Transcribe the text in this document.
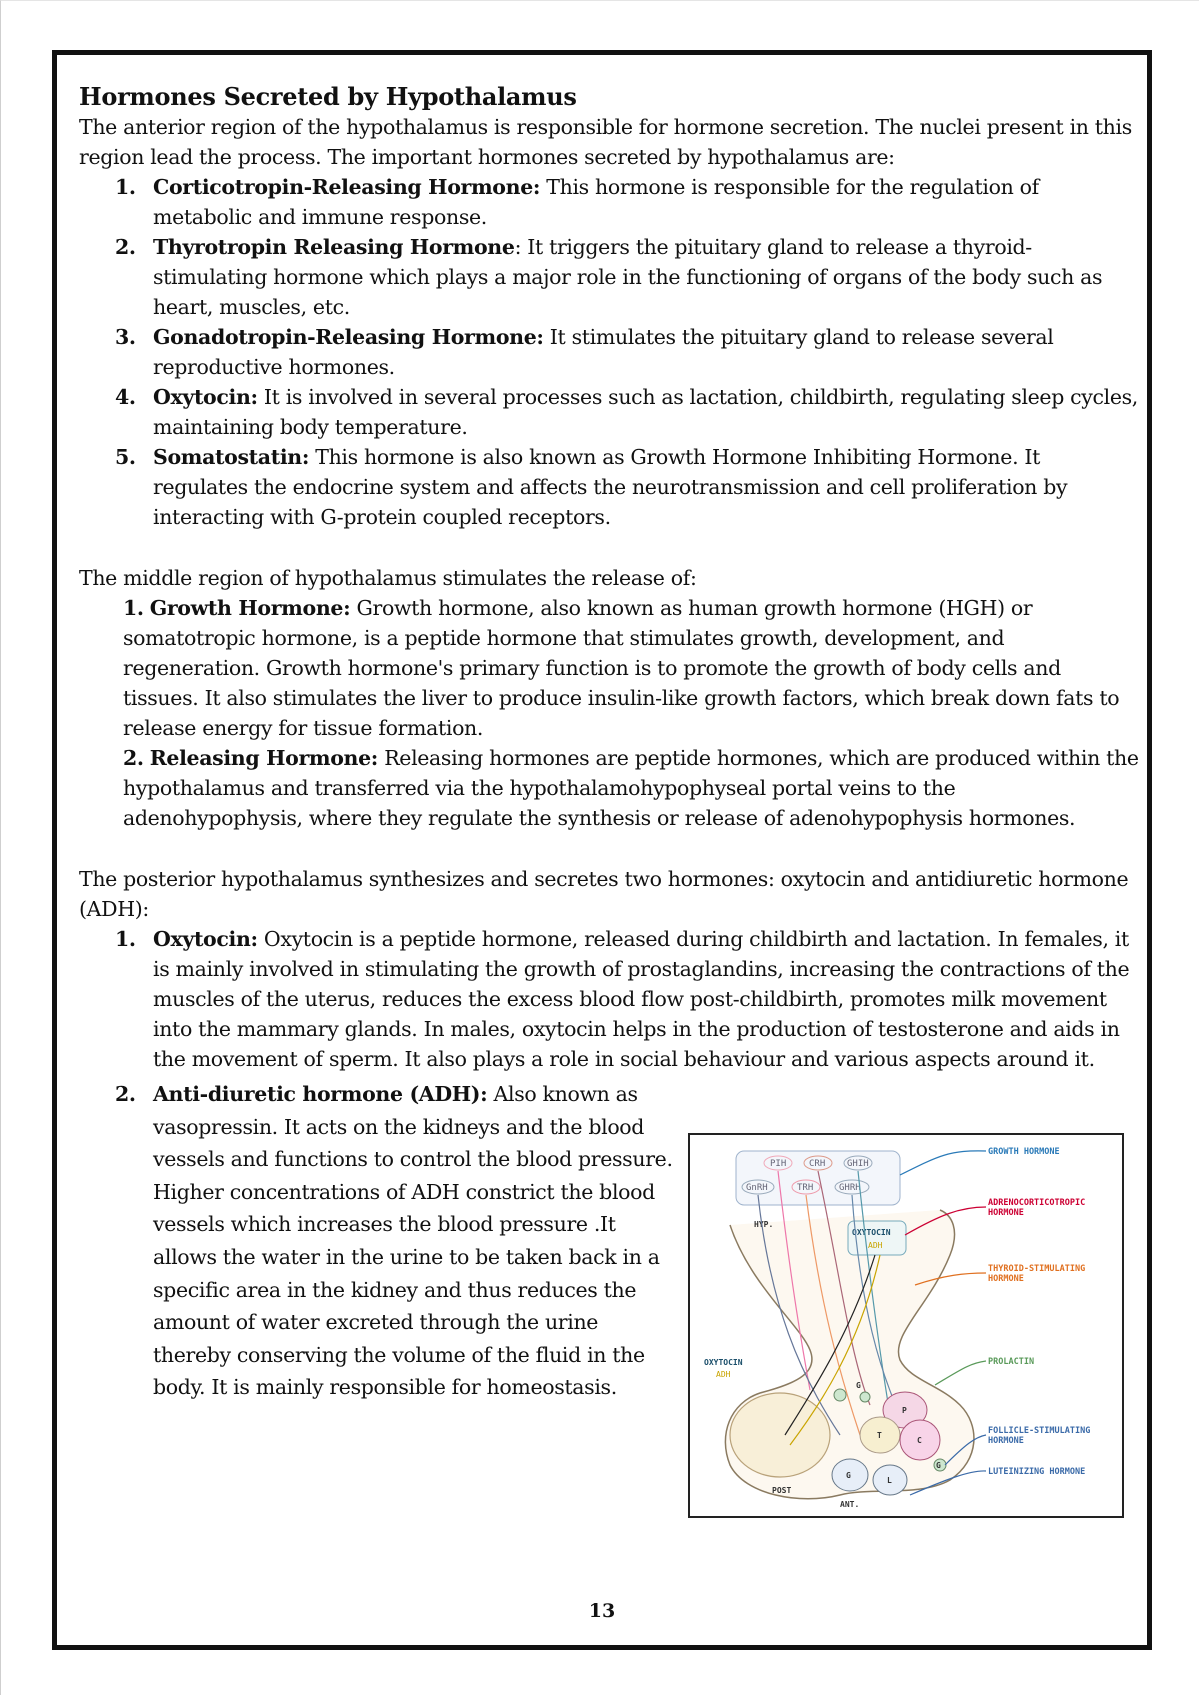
Hormones Secreted by Hypothalamus

The anterior region of the hypothalamus is responsible for hormone secretion. The nuclei present in this region lead the process. The important hormones secreted by hypothalamus are:

1. Corticotropin-Releasing Hormone: This hormone is responsible for the regulation of metabolic and immune response.
2. Thyrotropin Releasing Hormone: It triggers the pituitary gland to release a thyroid-stimulating hormone which plays a major role in the functioning of organs of the body such as heart, muscles, etc.
3. Gonadotropin-Releasing Hormone: It stimulates the pituitary gland to release several reproductive hormones.
4. Oxytocin: It is involved in several processes such as lactation, childbirth, regulating sleep cycles, maintaining body temperature.
5. Somatostatin: This hormone is also known as Growth Hormone Inhibiting Hormone. It regulates the endocrine system and affects the neurotransmission and cell proliferation by interacting with G-protein coupled receptors.

The middle region of hypothalamus stimulates the release of:

1. Growth Hormone: Growth hormone, also known as human growth hormone (HGH) or somatotropic hormone, is a peptide hormone that stimulates growth, development, and regeneration. Growth hormone's primary function is to promote the growth of body cells and tissues. It also stimulates the liver to produce insulin-like growth factors, which break down fats to release energy for tissue formation.
2. Releasing Hormone: Releasing hormones are peptide hormones, which are produced within the hypothalamus and transferred via the hypothalamohypophyseal portal veins to the adenohypophysis, where they regulate the synthesis or release of adenohypophysis hormones.

The posterior hypothalamus synthesizes and secretes two hormones: oxytocin and antidiuretic hormone (ADH):

1. Oxytocin: Oxytocin is a peptide hormone, released during childbirth and lactation. In females, it is mainly involved in stimulating the growth of prostaglandins, increasing the contractions of the muscles of the uterus, reduces the excess blood flow post-childbirth, promotes milk movement into the mammary glands. In males, oxytocin helps in the production of testosterone and aids in the movement of sperm. It also plays a role in social behaviour and various aspects around it.
2. Anti-diuretic hormone (ADH): Also known as vasopressin. It acts on the kidneys and the blood vessels and functions to control the blood pressure. Higher concentrations of ADH constrict the blood vessels which increases the blood pressure .It allows the water in the urine to be taken back in a specific area in the kidney and thus reduces the amount of water excreted through the urine thereby conserving the volume of the fluid in the body. It is mainly responsible for homeostasis.
PIH	CRH GHIH
GnRH	TRH	GHRH
OXYTOCIN
ADH
HYP.
G
P
T
G
C
G
L
OXYTOCIN
ADH
POST
ANT.
GROWTH HORMONE
ADRENOCORTICOTROPIC
HORMONE
THYROID-STIMULATING
HORMONE
PROLACTIN
FOLLICLE-STIMULATING
HORMONE
LUTEINIZING HORMONE
13
